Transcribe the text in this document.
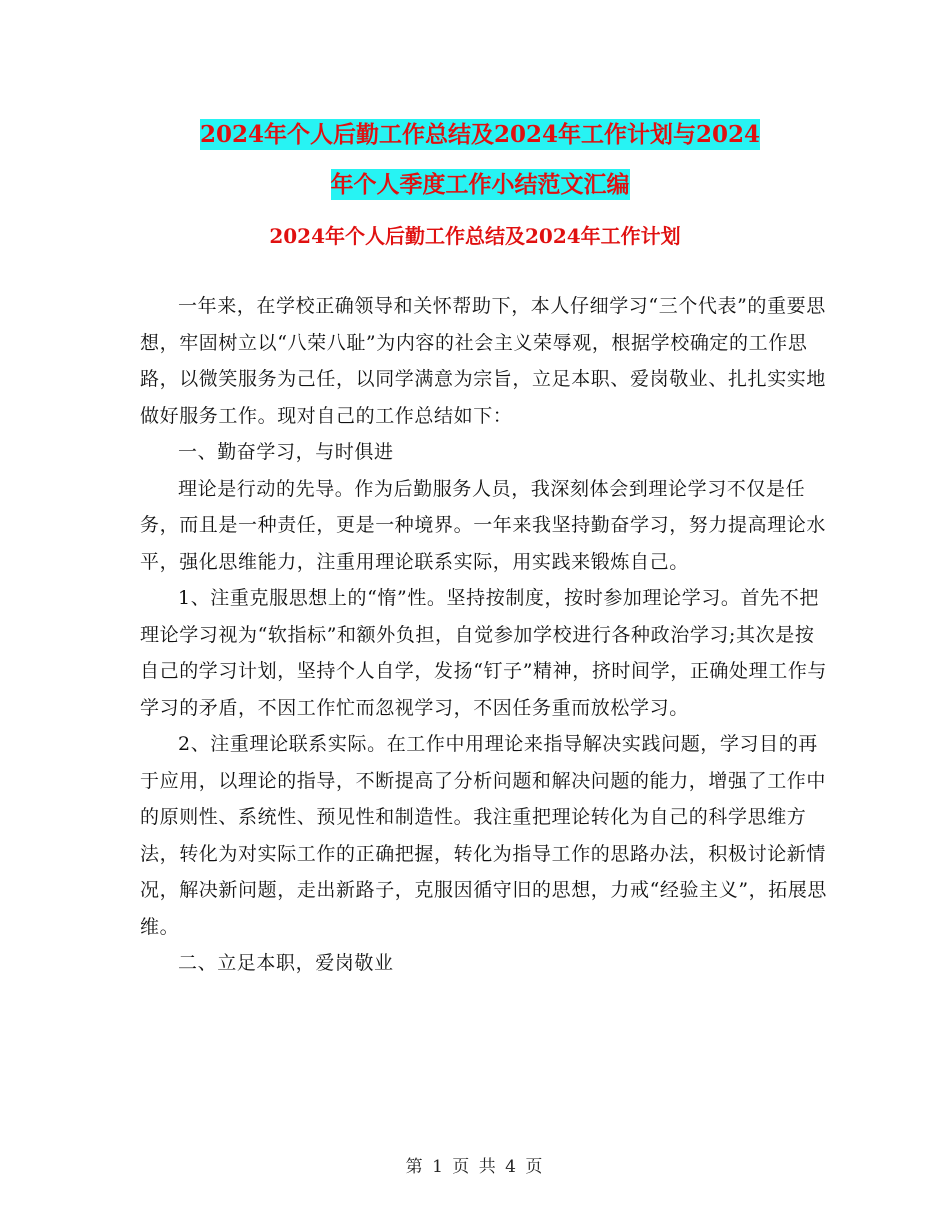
2024年个人后勤工作总结及2024年工作计划与2024
年个人季度工作小结范文汇编
2024年个人后勤工作总结及2024年工作计划

一年来，在学校正确领导和关怀帮助下，本人仔细学习“三个代表”的重要思想，牢固树立以“八荣八耻”为内容的社会主义荣辱观，根据学校确定的工作思路，以微笑服务为己任，以同学满意为宗旨，立足本职、爱岗敬业、扎扎实实地做好服务工作。现对自己的工作总结如下：

一、勤奋学习，与时俱进

理论是行动的先导。作为后勤服务人员，我深刻体会到理论学习不仅是任务，而且是一种责任，更是一种境界。一年来我坚持勤奋学习，努力提高理论水平，强化思维能力，注重用理论联系实际，用实践来锻炼自己。

1、注重克服思想上的“惰”性。坚持按制度，按时参加理论学习。首先不把理论学习视为“软指标”和额外负担，自觉参加学校进行各种政治学习;其次是按自己的学习计划，坚持个人自学，发扬“钉子”精神，挤时间学，正确处理工作与学习的矛盾，不因工作忙而忽视学习，不因任务重而放松学习。

2、注重理论联系实际。在工作中用理论来指导解决实践问题，学习目的再于应用，以理论的指导，不断提高了分析问题和解决问题的能力，增强了工作中的原则性、系统性、预见性和制造性。我注重把理论转化为自己的科学思维方法，转化为对实际工作的正确把握，转化为指导工作的思路办法，积极讨论新情况，解决新问题，走出新路子，克服因循守旧的思想，力戒“经验主义”，拓展思维。

二、立足本职，爱岗敬业

第 1 页 共 4 页
